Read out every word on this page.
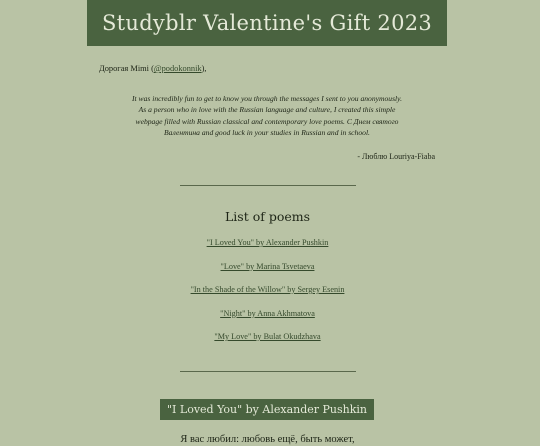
Studyblr Valentine's Gift 2023
Дорогая Mimi (@podokonnik),

It was incredibly fun to get to know you through the messages I sent to you anonymously. As a person who in love with the Russian language and culture, I created this simple webpage filled with Russian classical and contemporary love poems. С Днем святого Валентина and good luck in your studies in Russian and in school.

- Люблю Louriya-Fiaba
List of poems
"I Loved You" by Alexander Pushkin
"Love" by Marina Tsvetaeva
"In the Shade of the Willow" by Sergey Esenin
"Night" by Anna Akhmatova
"My Love" by Bulat Okudzhava
"I Loved You" by Alexander Pushkin
Я вас любил: любовь ещё, быть может,
